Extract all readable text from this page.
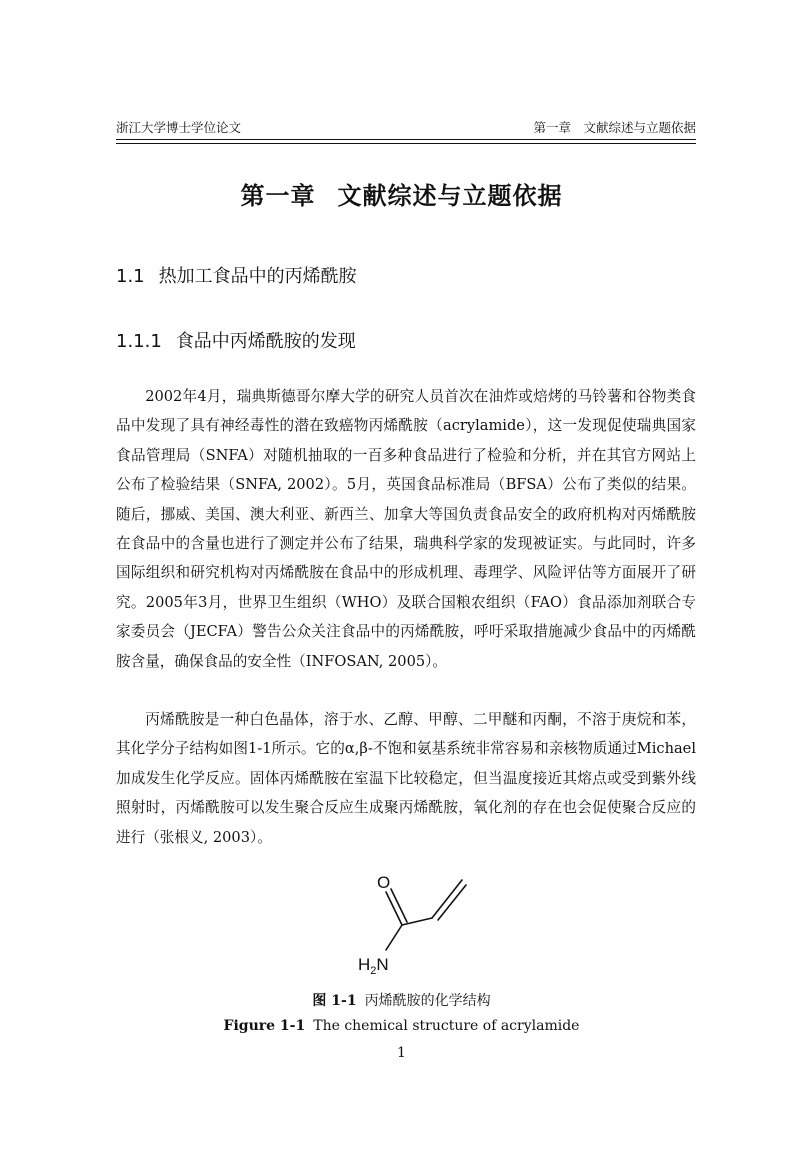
浙江大学博士学位论文	第一章　文献综述与立题依据
第一章 文献综述与立题依据
1.1 热加工食品中的丙烯酰胺
1.1.1 食品中丙烯酰胺的发现

2002年4月，瑞典斯德哥尔摩大学的研究人员首次在油炸或焙烤的马铃薯和谷物类食品中发现了具有神经毒性的潜在致癌物丙烯酰胺（acrylamide），这一发现促使瑞典国家食品管理局（SNFA）对随机抽取的一百多种食品进行了检验和分析，并在其官方网站上公布了检验结果（SNFA, 2002）。5月，英国食品标准局（BFSA）公布了类似的结果。随后，挪威、美国、澳大利亚、新西兰、加拿大等国负责食品安全的政府机构对丙烯酰胺在食品中的含量也进行了测定并公布了结果，瑞典科学家的发现被证实。与此同时，许多国际组织和研究机构对丙烯酰胺在食品中的形成机理、毒理学、风险评估等方面展开了研究。2005年3月，世界卫生组织（WHO）及联合国粮农组织（FAO）食品添加剂联合专家委员会（JECFA）警告公众关注食品中的丙烯酰胺，呼吁采取措施减少食品中的丙烯酰胺含量，确保食品的安全性（INFOSAN, 2005）。

丙烯酰胺是一种白色晶体，溶于水、乙醇、甲醇、二甲醚和丙酮，不溶于庚烷和苯，其化学分子结构如图1-1所示。它的α,β-不饱和氨基系统非常容易和亲核物质通过Michael加成发生化学反应。固体丙烯酰胺在室温下比较稳定，但当温度接近其熔点或受到紫外线照射时，丙烯酰胺可以发生聚合反应生成聚丙烯酰胺，氧化剂的存在也会促使聚合反应的进行（张根义, 2003）。

O
$H_2N$
图 1-1 丙烯酰胺的化学结构
Figure 1-1 The chemical structure of acrylamide
1
